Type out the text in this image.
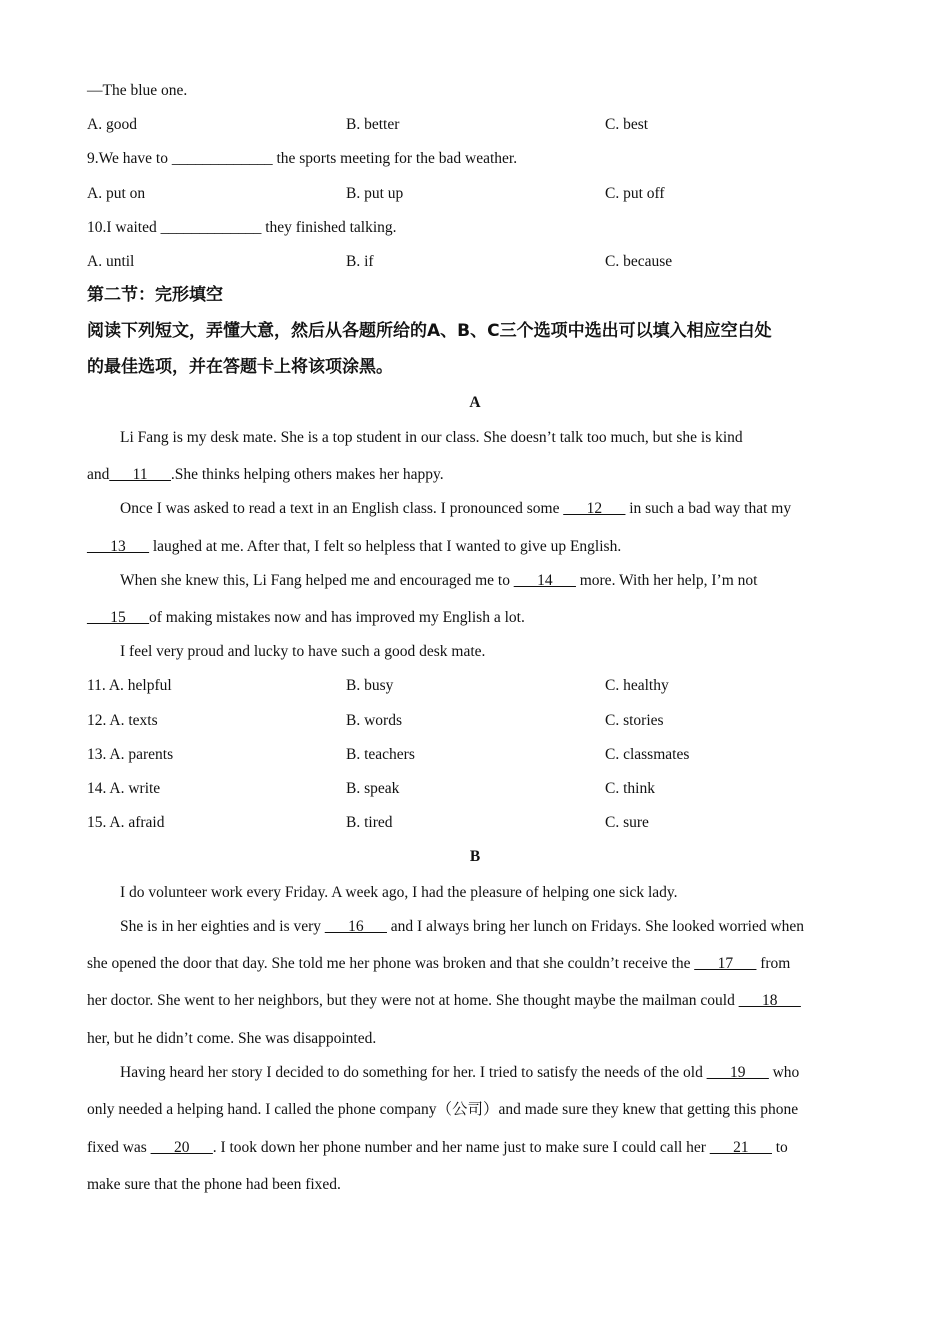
—The blue one.
A. good	B. better	C. best
9.We have to _____________ the sports meeting for the bad weather.
A. put on	B. put up	C. put off
10.I waited _____________ they finished talking.
A. until	B. if	C. because
第二节：完形填空
阅读下列短文，弄懂大意，然后从各题所给的A、B、C三个选项中选出可以填入相应空白处
的最佳选项，并在答题卡上将该项涂黑。
A
Li Fang is my desk mate. She is a top student in our class. She doesn’t talk too much, but she is kind
and___11___.She thinks helping others makes her happy.
Once I was asked to read a text in an English class. I pronounced some ___12___ in such a bad way that my
___13___ laughed at me. After that, I felt so helpless that I wanted to give up English.
When she knew this, Li Fang helped me and encouraged me to ___14___ more. With her help, I’m not
___15___of making mistakes now and has improved my English a lot.
I feel very proud and lucky to have such a good desk mate.
11. A. helpful	B. busy	C. healthy
12. A. texts	B. words	C. stories
13. A. parents	B. teachers	C. classmates
14. A. write	B. speak	C. think
15. A. afraid	B. tired	C. sure
B
I do volunteer work every Friday. A week ago, I had the pleasure of helping one sick lady.
She is in her eighties and is very ___16___ and I always bring her lunch on Fridays. She looked worried when
she opened the door that day. She told me her phone was broken and that she couldn’t receive the ___17___ from
her doctor. She went to her neighbors, but they were not at home. She thought maybe the mailman could ___18___
her, but he didn’t come. She was disappointed.
Having heard her story I decided to do something for her. I tried to satisfy the needs of the old ___19___ who
only needed a helping hand. I called the phone company（公司）and made sure they knew that getting this phone
fixed was ___20___. I took down her phone number and her name just to make sure I could call her ___21___ to
make sure that the phone had been fixed.
